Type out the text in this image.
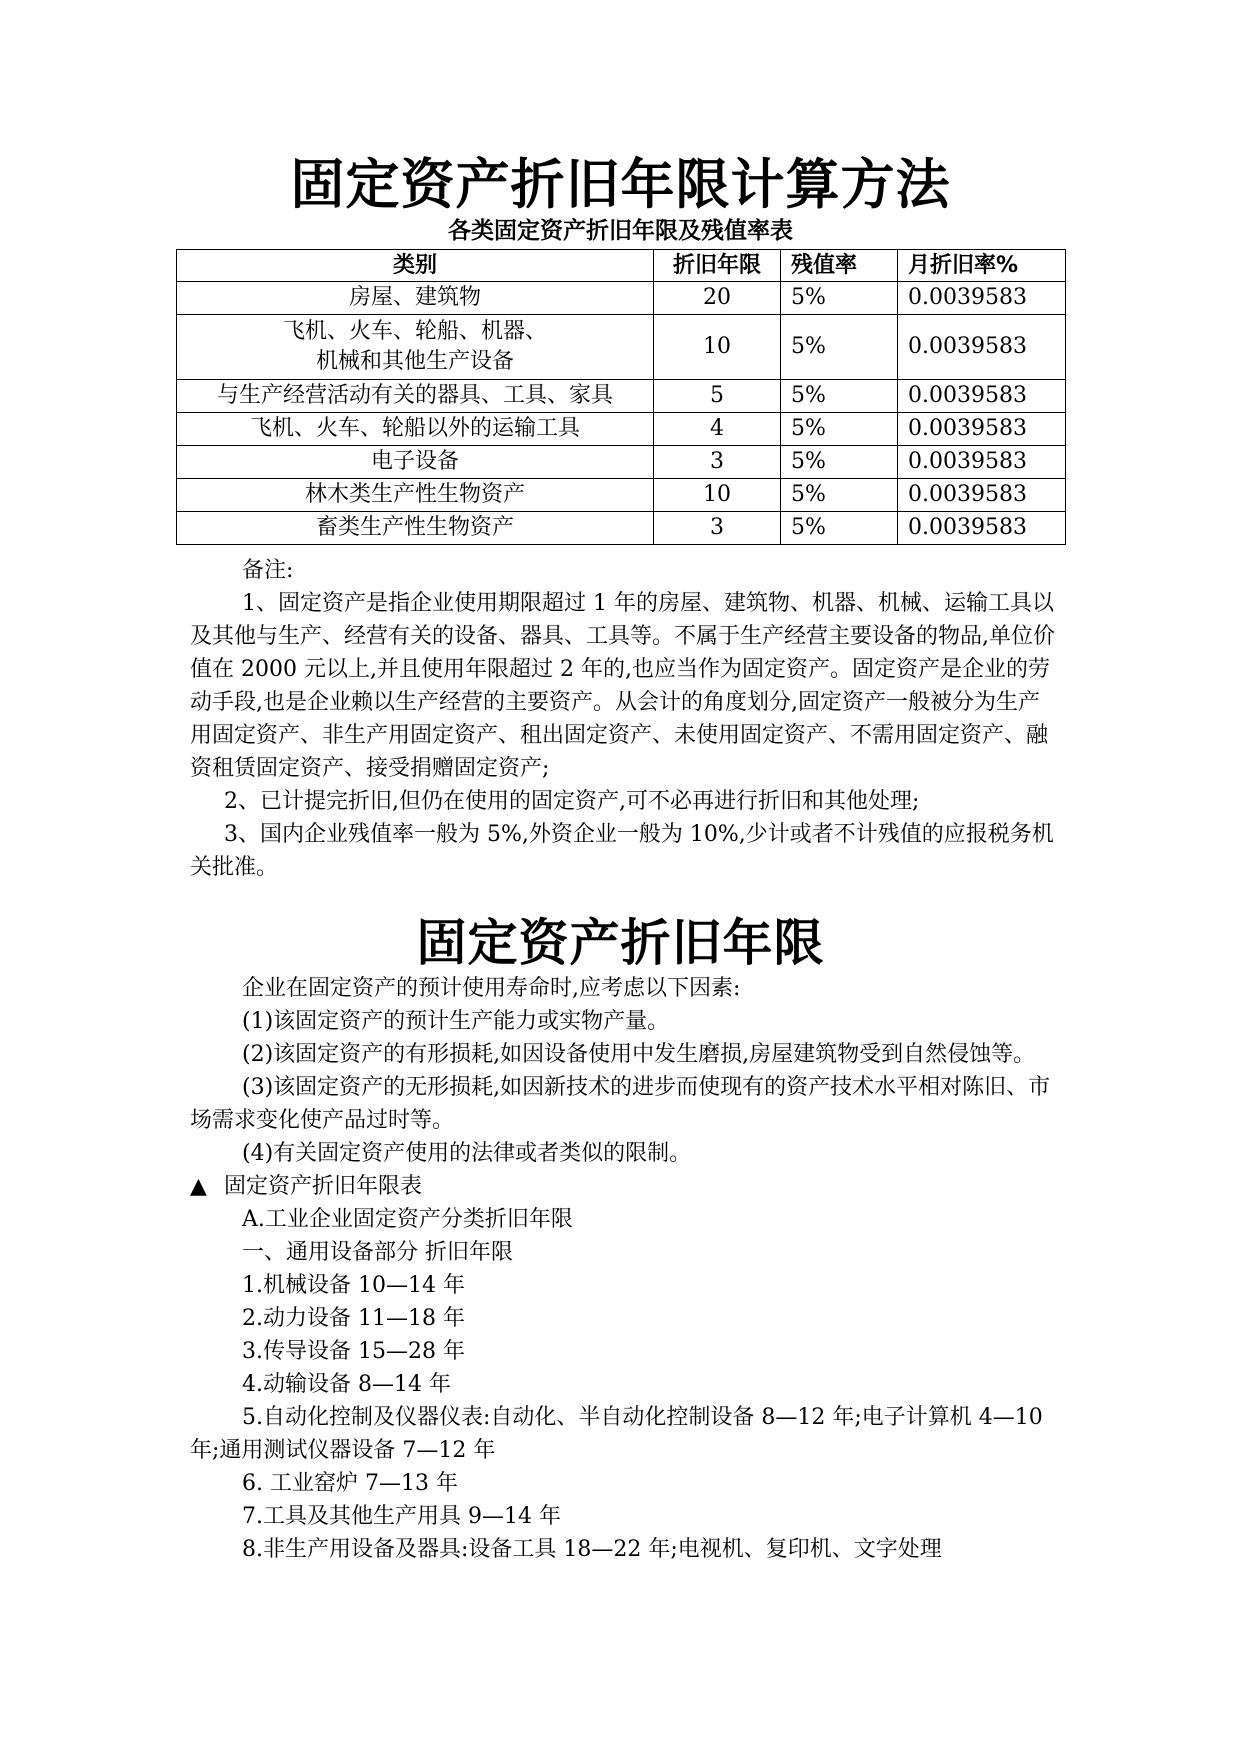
固定资产折旧年限计算方法
各类固定资产折旧年限及残值率表
类别	折旧年限	残值率	月折旧率%
房屋、建筑物	20	5%	0.0039583
飞机、火车、轮船、机器、
机械和其他生产设备	10	5%	0.0039583
与生产经营活动有关的器具、工具、家具	5	5%	0.0039583
飞机、火车、轮船以外的运输工具	4	5%	0.0039583
电子设备	3	5%	0.0039583
林木类生产性生物资产	10	5%	0.0039583
畜类生产性生物资产	3	5%	0.0039583

备注:

1、固定资产是指企业使用期限超过 1 年的房屋、建筑物、机器、机械、运输工具以及其他与生产、经营有关的设备、器具、工具等。不属于生产经营主要设备的物品,单位价值在 2000 元以上,并且使用年限超过 2 年的,也应当作为固定资产。固定资产是企业的劳动手段,也是企业赖以生产经营的主要资产。从会计的角度划分,固定资产一般被分为生产用固定资产、非生产用固定资产、租出固定资产、未使用固定资产、不需用固定资产、融资租赁固定资产、接受捐赠固定资产;

2、已计提完折旧,但仍在使用的固定资产,可不必再进行折旧和其他处理;

3、国内企业残值率一般为 5%,外资企业一般为 10%,少计或者不计残值的应报税务机关批准。

固定资产折旧年限

企业在固定资产的预计使用寿命时,应考虑以下因素:

(1)该固定资产的预计生产能力或实物产量。

(2)该固定资产的有形损耗,如因设备使用中发生磨损,房屋建筑物受到自然侵蚀等。

(3)该固定资产的无形损耗,如因新技术的进步而使现有的资产技术水平相对陈旧、市场需求变化使产品过时等。

(4)有关固定资产使用的法律或者类似的限制。

▲ 固定资产折旧年限表

A.工业企业固定资产分类折旧年限

一、通用设备部分 折旧年限

1.机械设备 10—14 年

2.动力设备 11—18 年

3.传导设备 15—28 年

4.动输设备 8—14 年

5.自动化控制及仪器仪表:自动化、半自动化控制设备 8—12 年;电子计算机 4—10 年;通用测试仪器设备 7—12 年

6. 工业窑炉 7—13 年

7.工具及其他生产用具 9—14 年

8.非生产用设备及器具:设备工具 18—22 年;电视机、复印机、文字处理
